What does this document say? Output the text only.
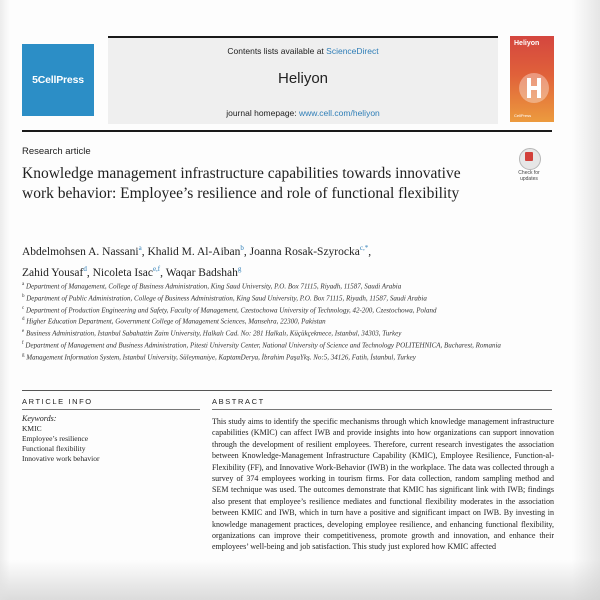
5CellPress
Contents lists available at ScienceDirect
Heliyon
journal homepage: www.cell.com/heliyon
Heliyon
CellPress
Research article
Check for updates
Knowledge management infrastructure capabilities towards innovative work behavior: Employee’s resilience and role of functional flexibility
Abdelmohsen A. Nassani$^a$, Khalid M. Al-Aiban$^b$, Joanna Rosak-Szyrocka$^{c,*}$,
Zahid Yousaf$^d$, Nicoleta Isac$^{e,f}$, Waqar Badshah$^g$
$^a$ Department of Management, College of Business Administration, King Saud University, P.O. Box 71115, Riyadh, 11587, Saudi Arabia
$^b$ Department of Public Administration, College of Business Administration, King Saud University, P.O. Box 71115, Riyadh, 11587, Saudi Arabia
$^c$ Department of Production Engineering and Safety, Faculty of Management, Czestochowa University of Technology, 42-200, Czestochowa, Poland
$^d$ Higher Education Department, Government College of Management Sciences, Mansehra, 22300, Pakistan
$^e$ Business Administration, Istanbul Sabahattin Zaim University, Halkalı Cad. No: 281 Halkalı, Küçükçekmece, Istanbul, 34303, Turkey
$^f$ Department of Management and Business Administration, Pitesti University Center, National University of Science and Technology POLITEHNICA, Bucharest, Romania
$^g$ Management Information System, Istanbul University, Süleymaniye, KaptamDerya, İbrahim PaşaYkş. No:5, 34126, Fatih, İstanbul, Turkey
ARTICLE INFO	ABSTRACT
Keywords:
KMIC
Employee’s resilience
Functional flexibility
Innovative work behavior
This study aims to identify the specific mechanisms through which knowledge management infrastructure capabilities (KMIC) can affect IWB and provide insights into how organizations can support innovation through the development of resilient employees. Therefore, current research investigates the association between Knowledge-Management Infrastructure Capability (KMIC), Employee Resilience, Function-al-Flexibility (FF), and Innovative Work-Behavior (IWB) in the workplace. The data was collected through a survey of 374 employees working in tourism firms. For data collection, random sampling method and SEM technique was used. The outcomes demonstrate that KMIC has significant link with IWB; findings also present that employee’s resilience mediates and functional flexibility moderates in the association between KMIC and IWB, which in turn have a positive and significant impact on IWB. By investing in knowledge management practices, developing employee resilience, and enhancing functional flexibility, organizations can improve their competitiveness, promote growth and innovation, and enhance their employees’ well-being and job satisfaction. This study just explored how KMIC affected
